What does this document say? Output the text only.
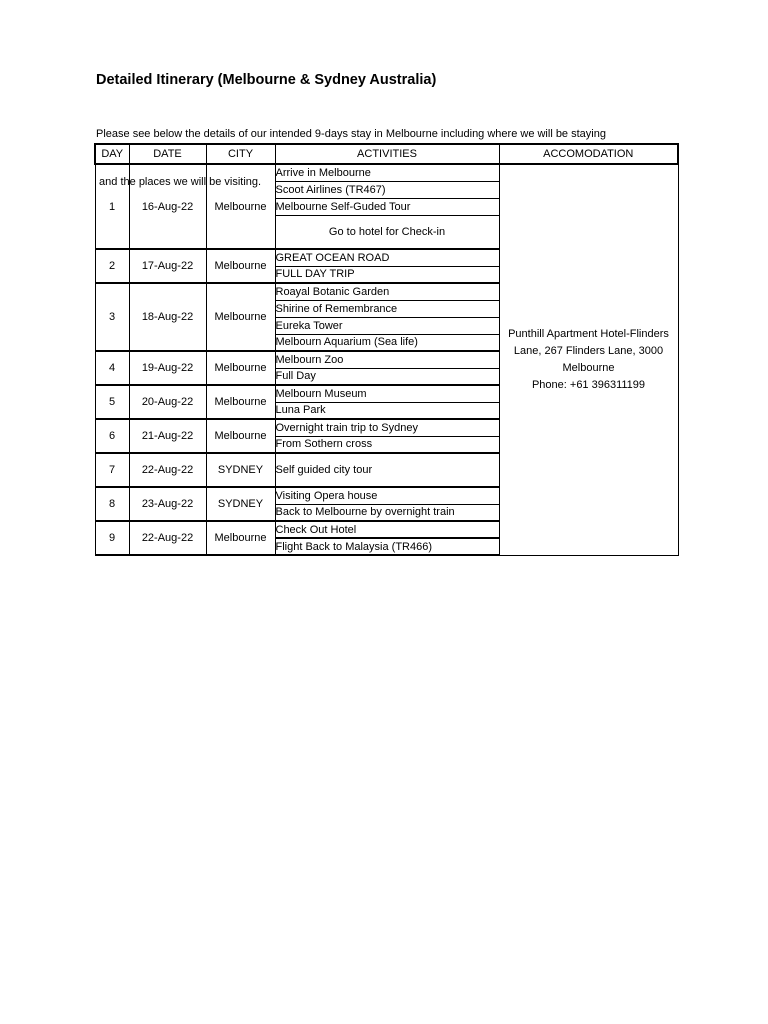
Detailed Itinerary (Melbourne & Sydney Australia)

Please see below the details of our intended 9-days stay in Melbourne including where we will be staying

and the places we will be visiting.

DAY	DATE	CITY	ACTIVITIES	ACCOMODATION
1	16-Aug-22	Melbourne	Arrive in Melbourne	Punthill Apartment Hotel-Flinders
Lane, 267 Flinders Lane, 3000
Melbourne
Phone: +61 396311199

			Scoot Airlines (TR467)	
			Melbourne Self-Guded Tour	
			Go to hotel for Check-in	
2	17-Aug-22	Melbourne	GREAT OCEAN ROAD	
			FULL DAY TRIP	
3	18-Aug-22	Melbourne	Roayal Botanic Garden	
			Shirine of Remembrance	
			Eureka Tower	
			Melbourn Aquarium (Sea life)	
4	19-Aug-22	Melbourne	Melbourn Zoo	
			Full Day	
5	20-Aug-22	Melbourne	Melbourn Museum	
			Luna Park	
6	21-Aug-22	Melbourne	Overnight train trip to Sydney	
			From Sothern cross	
7	22-Aug-22	SYDNEY	Self guided city tour	
8	23-Aug-22	SYDNEY	Visiting Opera house	
			Back to Melbourne by overnight train	
9	22-Aug-22	Melbourne	Check Out Hotel	
			Flight Back to Malaysia (TR466)	
